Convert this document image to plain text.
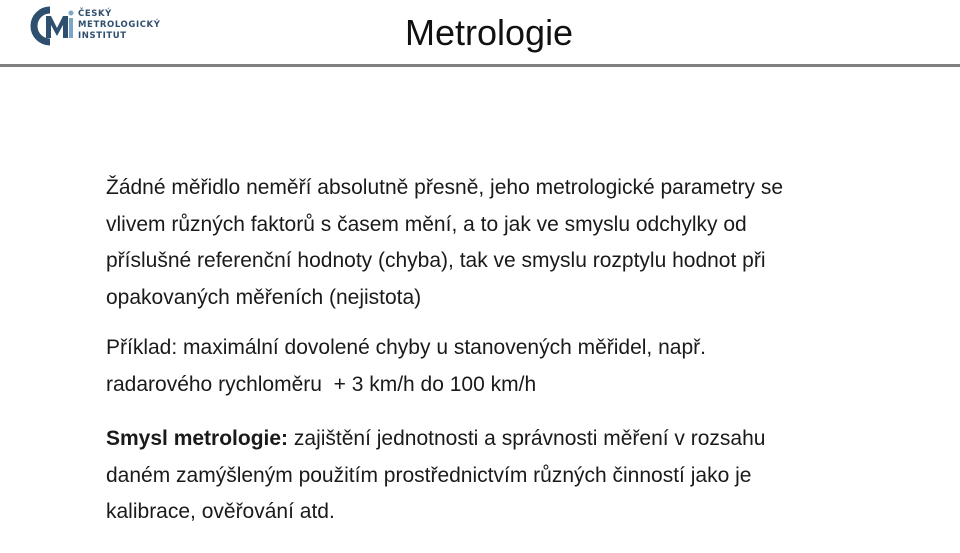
ČESKÝ
METROLOGICKÝ
INSTITUT	Metrologie

Žádné měřidlo neměří absolutně přesně, jeho metrologické parametry se
vlivem různých faktorů s časem mění, a to jak ve smyslu odchylky od
příslušné referenční hodnoty (chyba), tak ve smyslu rozptylu hodnot při
opakovaných měřeních (nejistota)

Příklad: maximální dovolené chyby u stanovených měřidel, např.
radarového rychloměru  + 3 km/h do 100 km/h

Smysl metrologie: zajištění jednotnosti a správnosti měření v rozsahu
daném zamýšleným použitím prostřednictvím různých činností jako je
kalibrace, ověřování atd.
